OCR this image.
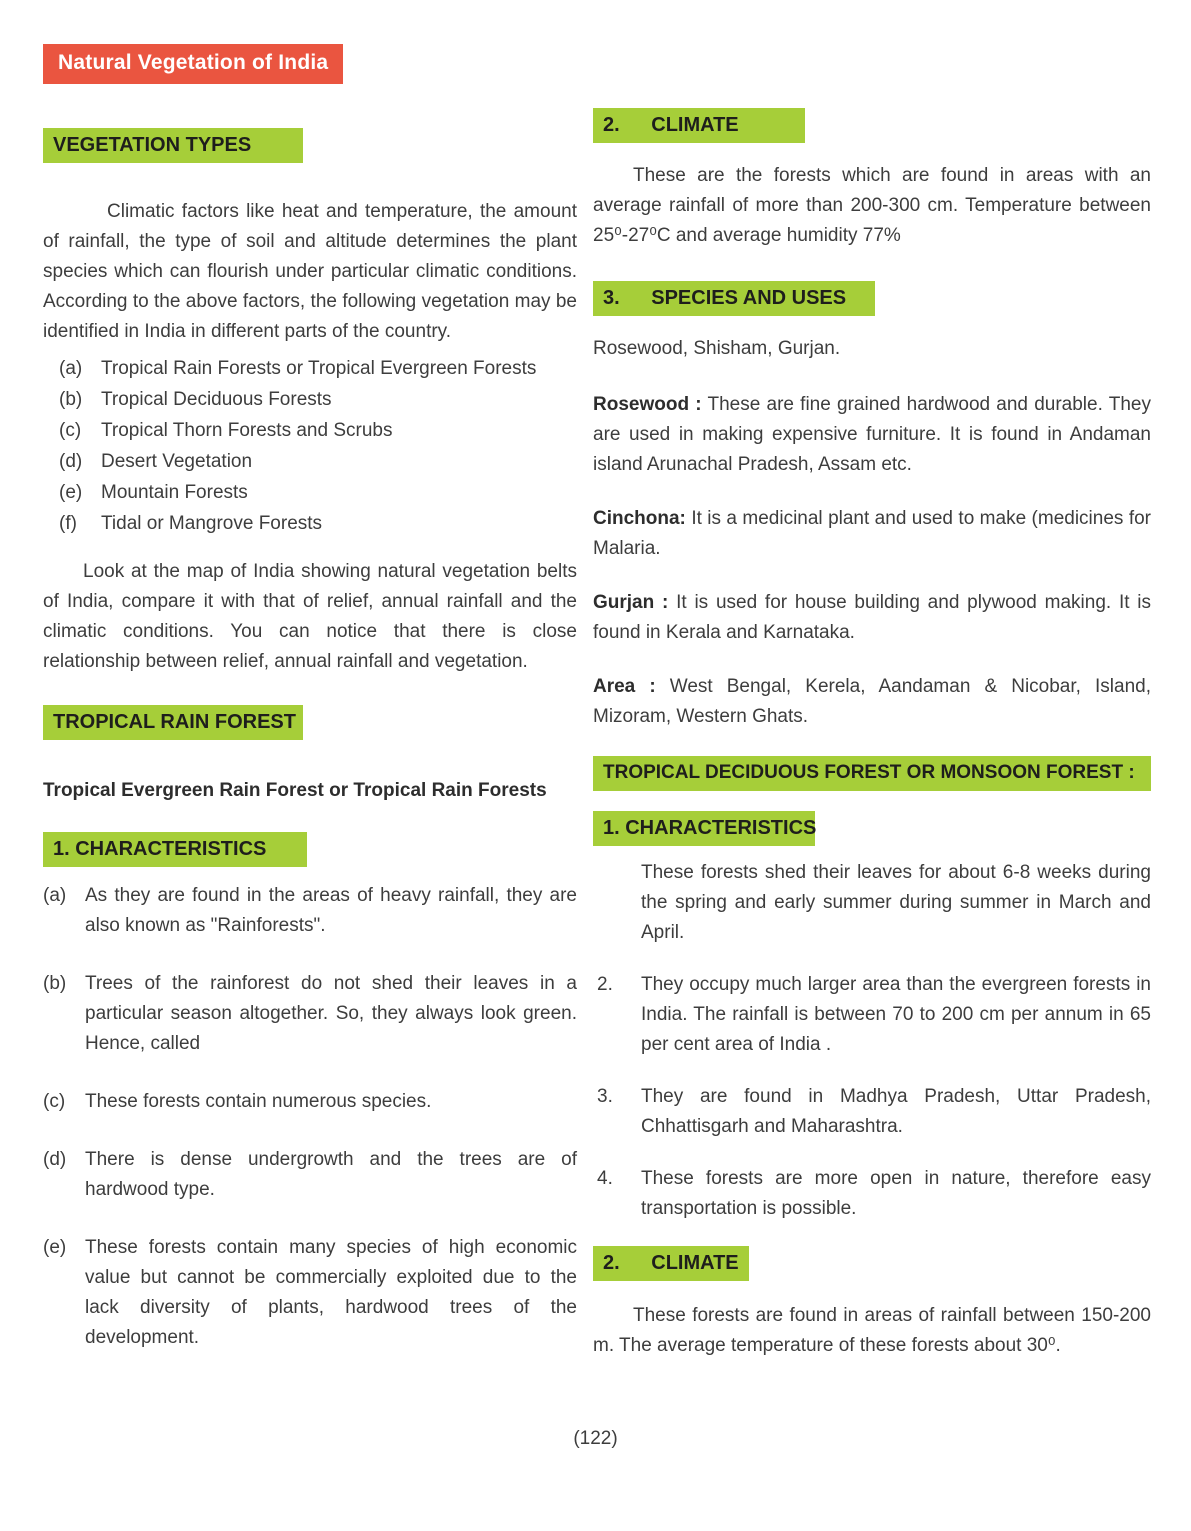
Natural Vegetation of India
VEGETATION TYPES

Climatic factors like heat and temperature, the amount of rainfall, the type of soil and altitude determines the plant species which can flourish under particular climatic conditions. According to the above factors, the following vegetation may be identified in India in different parts of the country.

(a) Tropical Rain Forests or Tropical Evergreen Forests
(b) Tropical Deciduous Forests
(c)	Tropical Thorn Forests and Scrubs
(d) Desert Vegetation
(e) Mountain Forests
(f)	Tidal or Mangrove Forests

Look at the map of India showing natural vegetation belts of India, compare it with that of relief, annual rainfall and the climatic conditions. You can notice that there is close relationship between relief, annual rainfall and vegetation.

TROPICAL RAIN FOREST

Tropical Evergreen Rain Forest or Tropical Rain Forests

1. CHARACTERISTICS
(a) As they are found in the areas of heavy rainfall, they are also known as "Rainforests".
(b) Trees of the rainforest do not shed their leaves in a particular season altogether. So, they always look green. Hence, called
(c)	These forests contain numerous species.
(d) There is dense undergrowth and the trees are of hardwood type.
(e) These forests contain many species of high economic value but cannot be commercially exploited due to the lack diversity of plants, hardwood trees of the development.
2. CLIMATE

These are the forests which are found in areas with an average rainfall of more than 200-300 cm. Temperature between 25⁰-27⁰C and average humidity 77%

3. SPECIES AND USES

Rosewood, Shisham, Gurjan.

Rosewood : These are fine grained hardwood and durable. They are used in making expensive furniture. It is found in Andaman island Arunachal Pradesh, Assam etc.

Cinchona: It is a medicinal plant and used to make (medicines for Malaria.

Gurjan : It is used for house building and plywood making. It is found in Kerala and Karnataka.

Area : West Bengal, Kerela, Aandaman & Nicobar, Island, Mizoram, Western Ghats.

TROPICAL DECIDUOUS FOREST OR MONSOON FOREST :
1. CHARACTERISTICS
These forests shed their leaves for about 6-8 weeks during the spring and early summer during summer in March and April.
2.	They occupy much larger area than the evergreen forests in India. The rainfall is between 70 to 200 cm per annum in 65 per cent area of India .
3.	They are found in Madhya Pradesh, Uttar Pradesh, Chhattisgarh and Maharashtra.
4.	These forests are more open in nature, therefore easy transportation is possible.
2. CLIMATE

These forests are found in areas of rainfall between 150-200 m. The average temperature of these forests about 30⁰.

(122)
